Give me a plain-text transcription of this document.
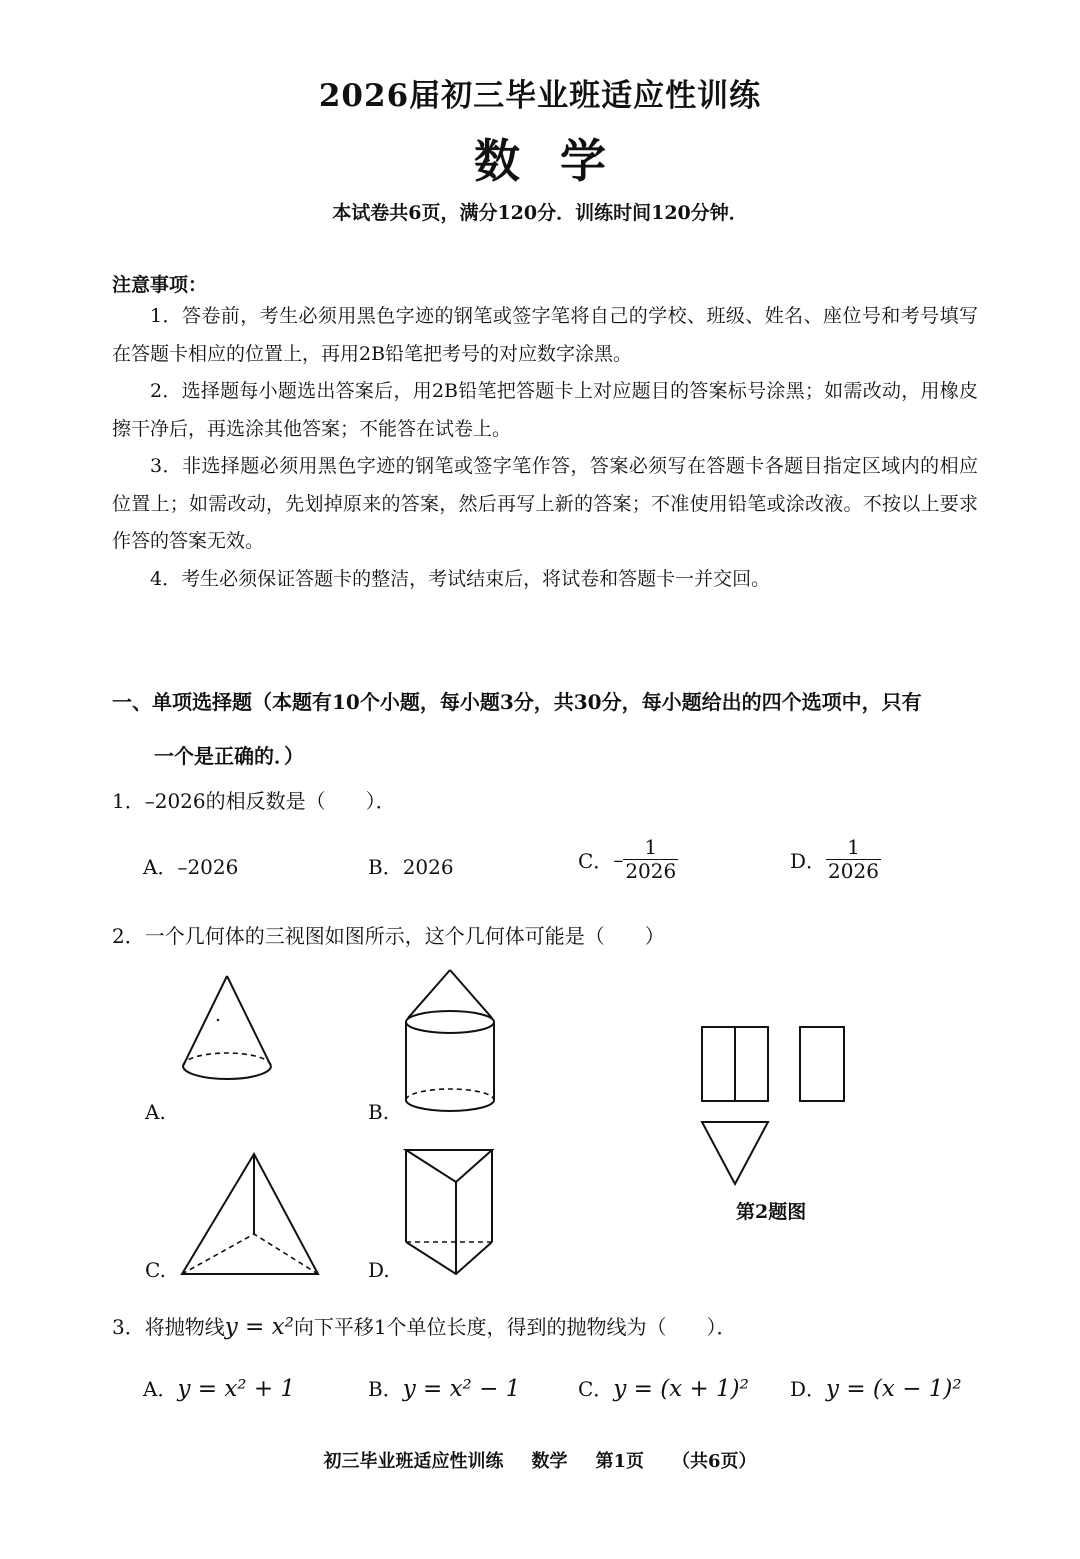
2026届初三毕业班适应性训练
数学
本试卷共6页，满分120分．训练时间120分钟．
注意事项：
1．答卷前，考生必须用黑色字迹的钢笔或签字笔将自己的学校、班级、姓名、座位号和考号填写在答题卡相应的位置上，再用2B铅笔把考号的对应数字涂黑。
2．选择题每小题选出答案后，用2B铅笔把答题卡上对应题目的答案标号涂黑；如需改动，用橡皮擦干净后，再选涂其他答案；不能答在试卷上。
3．非选择题必须用黑色字迹的钢笔或签字笔作答，答案必须写在答题卡各题目指定区域内的相应位置上；如需改动，先划掉原来的答案，然后再写上新的答案；不准使用铅笔或涂改液。不按以上要求作答的答案无效。
4．考生必须保证答题卡的整洁，考试结束后，将试卷和答题卡一并交回。
一、单项选择题（本题有10个小题，每小题3分，共30分，每小题给出的四个选项中，只有
一个是正确的．）
1．–2026的相反数是（　　）．
A．–2026	B．2026	C．– $\frac{1}{2026}$	D． $\frac{1}{2026}$
2．一个几何体的三视图如图所示，这个几何体可能是（　　）
A.	B.
C.	D.
第2题图
3．将抛物线y = x²向下平移1个单位长度，得到的抛物线为（　　）．
A．y = x² + 1	B．y = x² − 1	C．y = (x + 1)² D．y = (x − 1)²
初三毕业班适应性训练 数学 第1页 （共6页）
